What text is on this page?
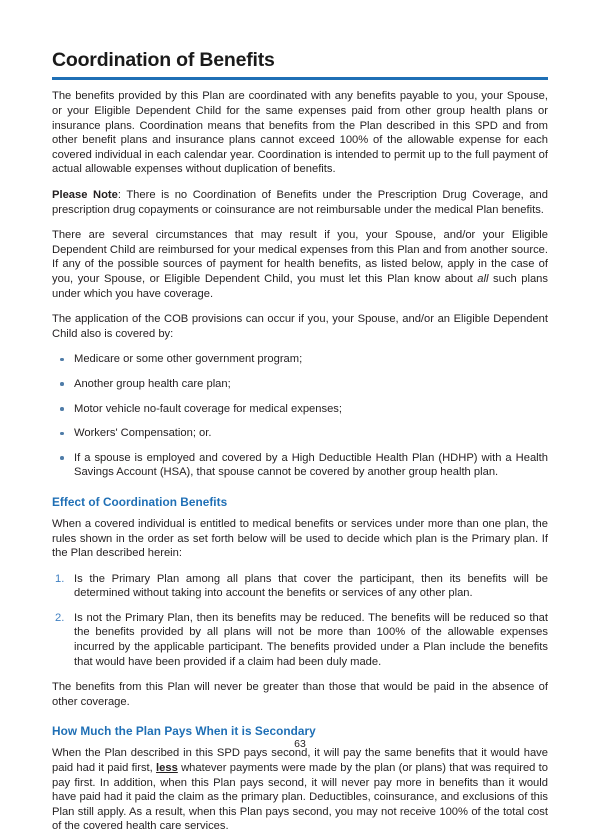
Coordination of Benefits

The benefits provided by this Plan are coordinated with any benefits payable to you, your Spouse, or your Eligible Dependent Child for the same expenses paid from other group health plans or insurance plans. Coordination means that benefits from the Plan described in this SPD and from other benefit plans and insurance plans cannot exceed 100% of the allowable expense for each covered individual in each calendar year. Coordination is intended to permit up to the full payment of actual allowable expenses without duplication of benefits.

Please Note: There is no Coordination of Benefits under the Prescription Drug Coverage, and prescription drug copayments or coinsurance are not reimbursable under the medical Plan benefits.

There are several circumstances that may result if you, your Spouse, and/or your Eligible Dependent Child are reimbursed for your medical expenses from this Plan and from another source. If any of the possible sources of payment for health benefits, as listed below, apply in the case of you, your Spouse, or Eligible Dependent Child, you must let this Plan know about all such plans under which you have coverage.

The application of the COB provisions can occur if you, your Spouse, and/or an Eligible Dependent Child also is covered by:

Medicare or some other government program;
Another group health care plan;
Motor vehicle no-fault coverage for medical expenses;
Workers' Compensation; or.
If a spouse is employed and covered by a High Deductible Health Plan (HDHP) with a Health Savings Account (HSA), that spouse cannot be covered by another group health plan.
Effect of Coordination Benefits

When a covered individual is entitled to medical benefits or services under more than one plan, the rules shown in the order as set forth below will be used to decide which plan is the Primary plan. If the Plan described herein:

1. Is the Primary Plan among all plans that cover the participant, then its benefits will be determined without taking into account the benefits or services of any other plan.
2. Is not the Primary Plan, then its benefits may be reduced. The benefits will be reduced so that the benefits provided by all plans will not be more than 100% of the allowable expenses incurred by the applicable participant. The benefits provided under a Plan include the benefits that would have been provided if a claim had been duly made.

The benefits from this Plan will never be greater than those that would be paid in the absence of other coverage.

How Much the Plan Pays When it is Secondary

When the Plan described in this SPD pays second, it will pay the same benefits that it would have paid had it paid first, less whatever payments were made by the plan (or plans) that was required to pay first. In addition, when this Plan pays second, it will never pay more in benefits than it would have paid had it paid the claim as the primary plan. Deductibles, coinsurance, and exclusions of this Plan still apply. As a result, when this Plan pays second, you may not receive 100% of the total cost of the covered health care services.

63
